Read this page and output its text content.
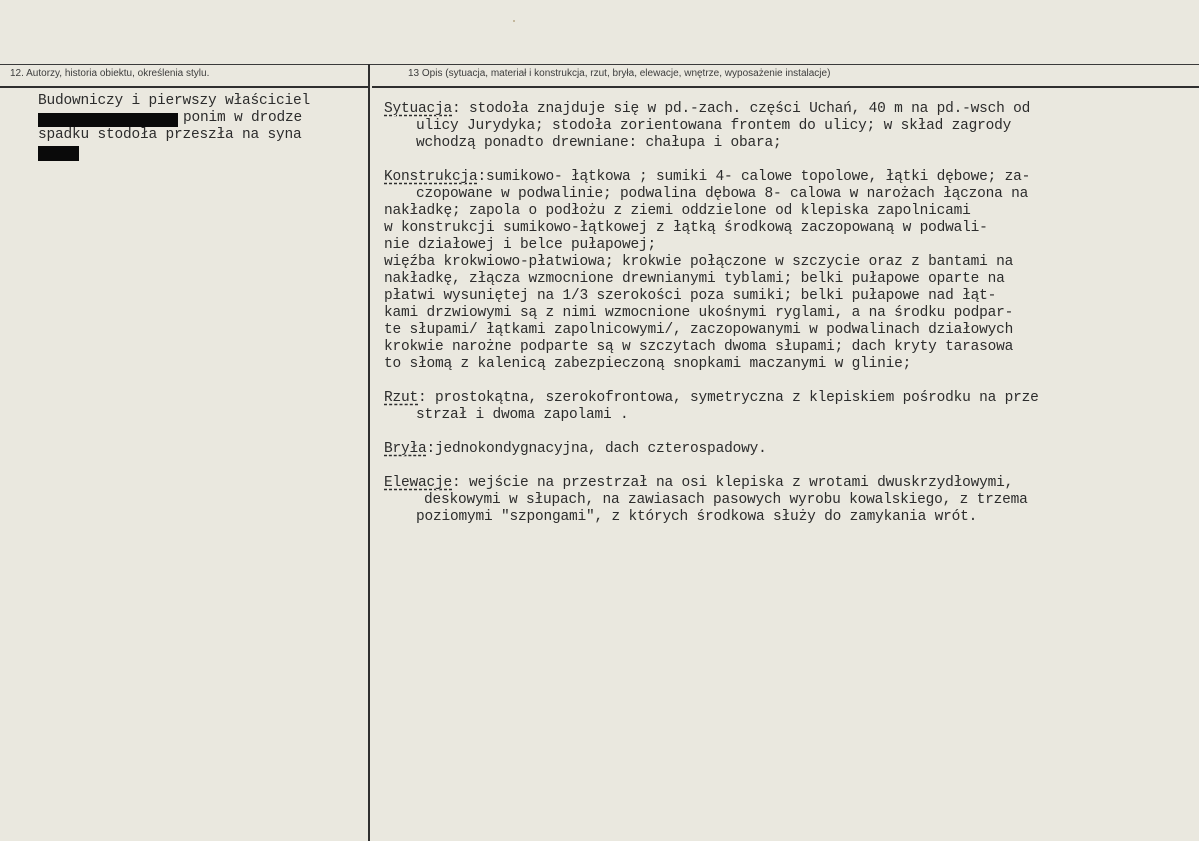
12. Autorzy, historia obiektu, określenia stylu.	13 Opis (sytuacja, materiał i konstrukcja, rzut, bryła, elewacje, wnętrze, wyposażenie instalacje)
Budowniczy i pierwszy właściciel
ponim w drodze
spadku stodoła przeszła na syna
Sytuacja: stodoła znajduje się w pd.-zach. części Uchań, 40 m na pd.-wsch od
ulicy Jurydyka; stodoła zorientowana frontem do ulicy; w skład zagrody
wchodzą ponadto drewniane: chałupa i obara;
Konstrukcja:sumikowo- łątkowa ; sumiki 4- calowe topolowe, łątki dębowe; za-
czopowane w podwalinie; podwalina dębowa 8- calowa w narożach łączona na
nakładkę; zapola o podłożu z ziemi oddzielone od klepiska zapolnicami
w konstrukcji sumikowo-łątkowej z łątką środkową zaczopowaną w podwali-
nie działowej i belce pułapowej;
więźba krokwiowo-płatwiowa; krokwie połączone w szczycie oraz z bantami na
nakładkę, złącza wzmocnione drewnianymi tyblami; belki pułapowe oparte na
płatwi wysuniętej na 1/3 szerokości poza sumiki; belki pułapowe nad łąt-
kami drzwiowymi są z nimi wzmocnione ukośnymi ryglami, a na środku podpar-
te słupami/ łątkami zapolnicowymi/, zaczopowanymi w podwalinach działowych
krokwie narożne podparte są w szczytach dwoma słupami; dach kryty tarasowa
to słomą z kalenicą zabezpieczoną snopkami maczanymi w glinie;
Rzut: prostokątna, szerokofrontowa, symetryczna z klepiskiem pośrodku na prze
strzał i dwoma zapolami .
Bryła:jednokondygnacyjna, dach czterospadowy.
Elewacje: wejście na przestrzał na osi klepiska z wrotami dwuskrzydłowymi,
deskowymi w słupach, na zawiasach pasowych wyrobu kowalskiego, z trzema
poziomymi "szpongami", z których środkowa służy do zamykania wrót.
